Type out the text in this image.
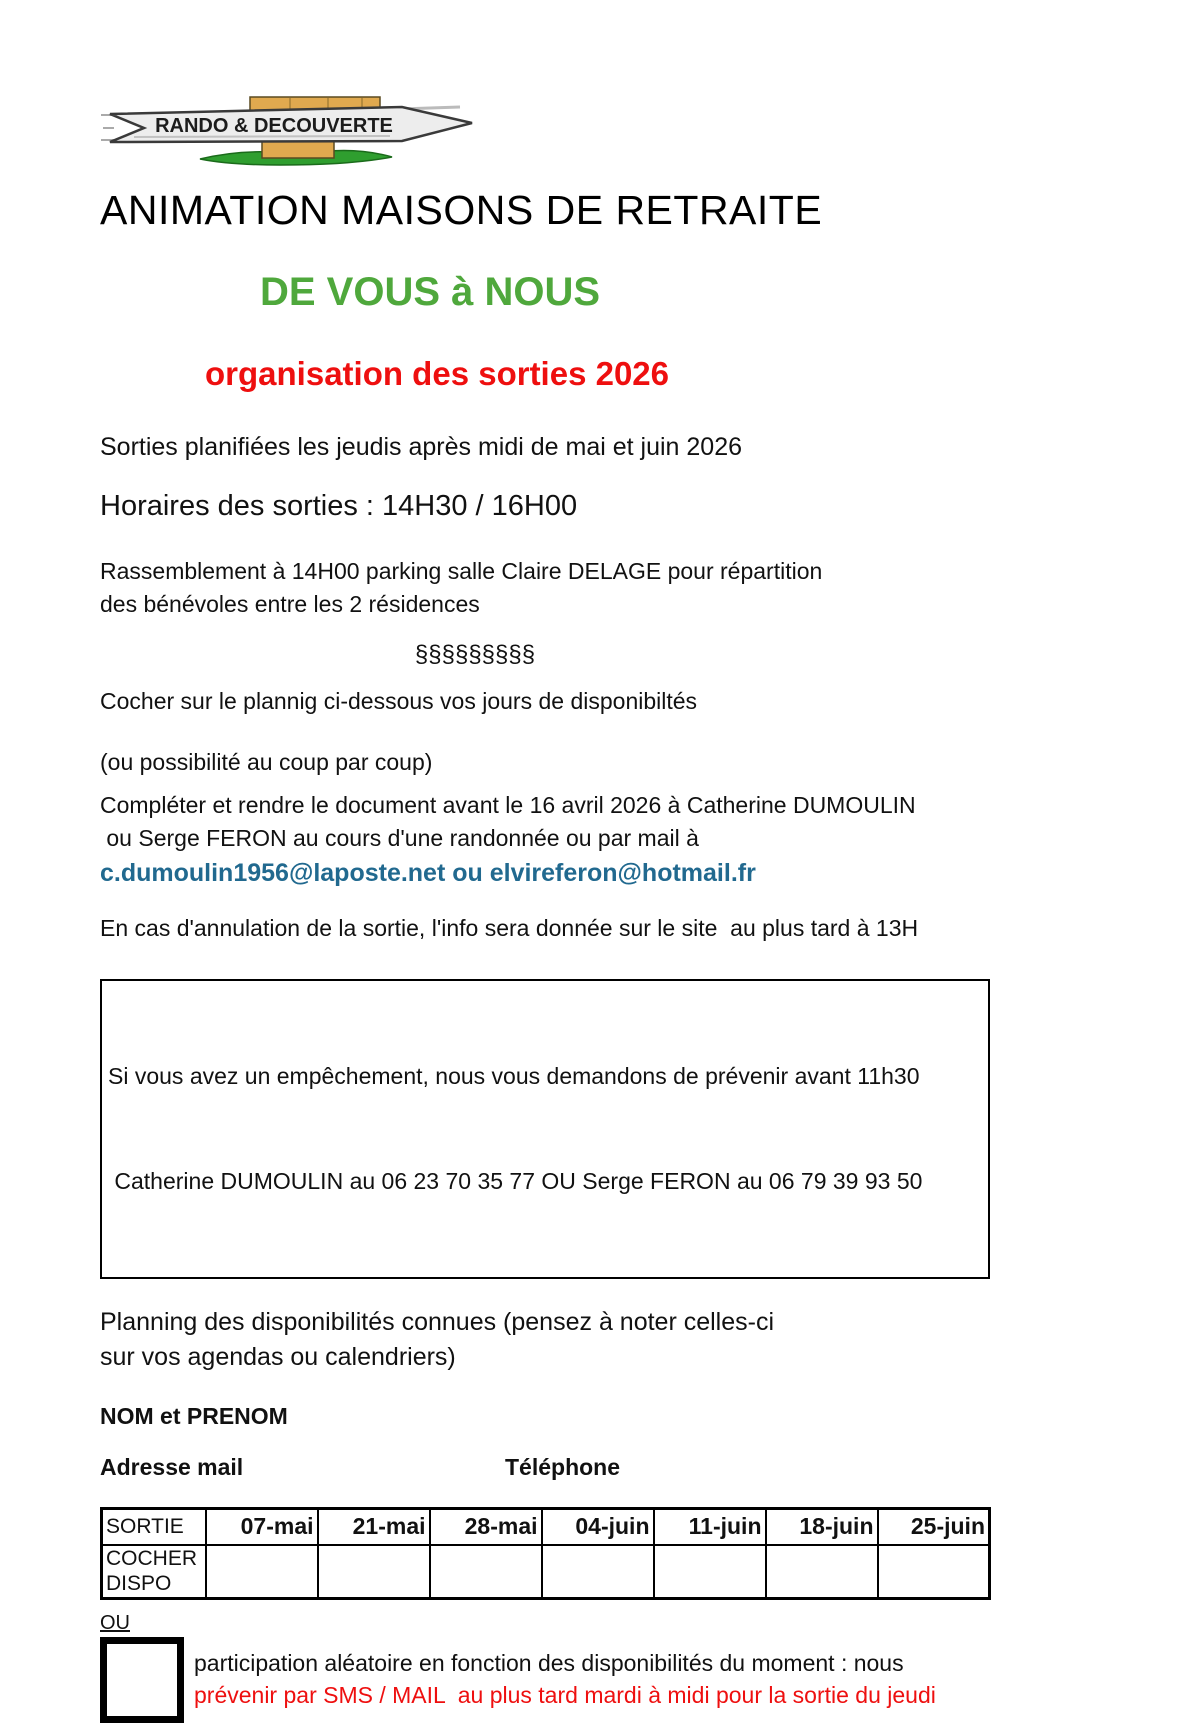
RANDO & DECOUVERTE
ANIMATION MAISONS DE RETRAITE
DE VOUS à NOUS
organisation des sorties 2026

Sorties planifiées les jeudis après midi de mai et juin 2026

Horaires des sorties : 14H30 / 16H00

Rassemblement à 14H00 parking salle Claire DELAGE pour répartition

des bénévoles entre les 2 résidences

§§§§§§§§§

Cocher sur le plannig ci-dessous vos jours de disponibiltés

(ou possibilité au coup par coup)

Compléter et rendre le document avant le 16 avril 2026 à Catherine DUMOULIN

ou Serge FERON au cours d'une randonnée ou par mail à

c.dumoulin1956@laposte.net ou elvireferon@hotmail.fr

En cas d'annulation de la sortie, l'info sera donnée sur le site  au plus tard à 13H

Si vous avez un empêchement, nous vous demandons de prévenir avant 11h30

Catherine DUMOULIN au 06 23 70 35 77 OU Serge FERON au 06 79 39 93 50

Planning des disponibilités connues (pensez à noter celles-ci

sur vos agendas ou calendriers)

NOM et PRENOM
Adresse mail	Téléphone
SORTIE	07-mai	21-mai	28-mai	04-juin	11-juin	18-juin	25-juin

COCHER
DISPO							

OU

participation aléatoire en fonction des disponibilités du moment : nous

prévenir par SMS / MAIL  au plus tard mardi à midi pour la sortie du jeudi
